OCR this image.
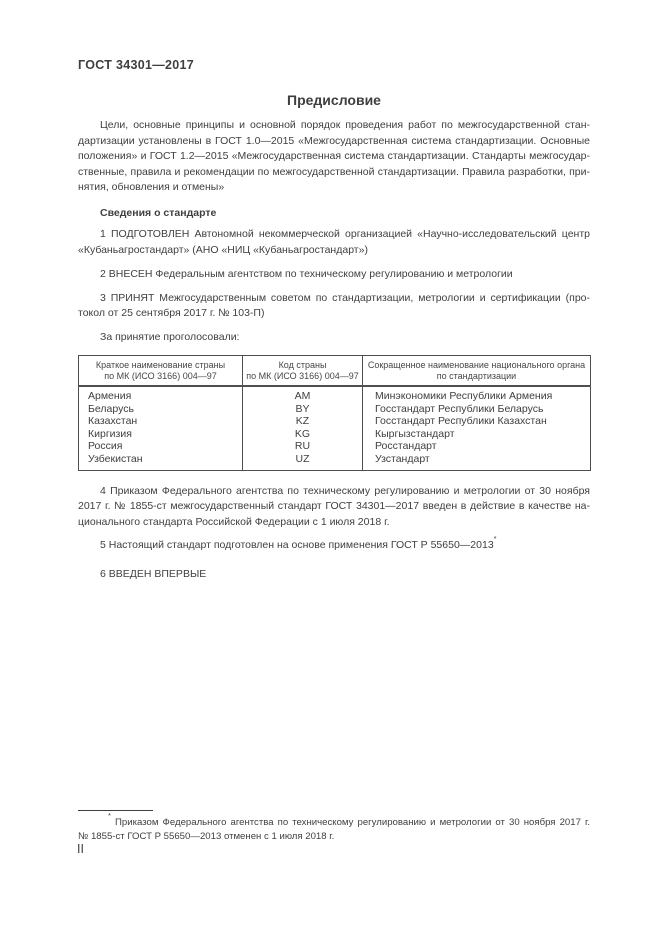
ГОСТ 34301—2017
Предисловие
Цели, основные принципы и основной порядок проведения работ по межгосударственной стан-
дартизации установлены в ГОСТ 1.0—2015 «Межгосударственная система стандартизации. Основные
положения» и ГОСТ 1.2—2015 «Межгосударственная система стандартизации. Стандарты межгосудар-
ственные, правила и рекомендации по межгосударственной стандартизации. Правила разработки, при-
нятия, обновления и отмены»
Сведения о стандарте
1 ПОДГОТОВЛЕН Автономной некоммерческой организацией «Научно-исследовательский центр
«Кубаньагростандарт» (АНО «НИЦ «Кубаньагростандарт»)
2 ВНЕСЕН Федеральным агентством по техническому регулированию и метрологии
3 ПРИНЯТ Межгосударственным советом по стандартизации, метрологии и сертификации (про-
токол от 25 сентября 2017 г. № 103-П)
За принятие проголосовали:
Краткое наименование страны
по МК (ИСО 3166) 004—97

Код страны
по МК (ИСО 3166) 004—97

Сокращенное наименование национального органа
по стандартизации

Армения	AM	Минэкономики Республики Армения
Беларусь	BY	Госстандарт Республики Беларусь
Казахстан	KZ	Госстандарт Республики Казахстан
Киргизия	KG	Кыргызстандарт
Россия	RU	Росстандарт
Узбекистан	UZ	Узстандарт
4 Приказом Федерального агентства по техническому регулированию и метрологии от 30 ноября
2017 г. № 1855-ст межгосударственный стандарт ГОСТ 34301—2017 введен в действие в качестве на-
ционального стандарта Российской Федерации с 1 июля 2018 г.
5 Настоящий стандарт подготовлен на основе применения ГОСТ Р 55650—2013*
6 ВВЕДЕН ВПЕРВЫЕ
* Приказом Федерального агентства по техническому регулированию и метрологии от 30 ноября 2017 г.
№ 1855-ст ГОСТ Р 55650—2013 отменен с 1 июля 2018 г.
II
